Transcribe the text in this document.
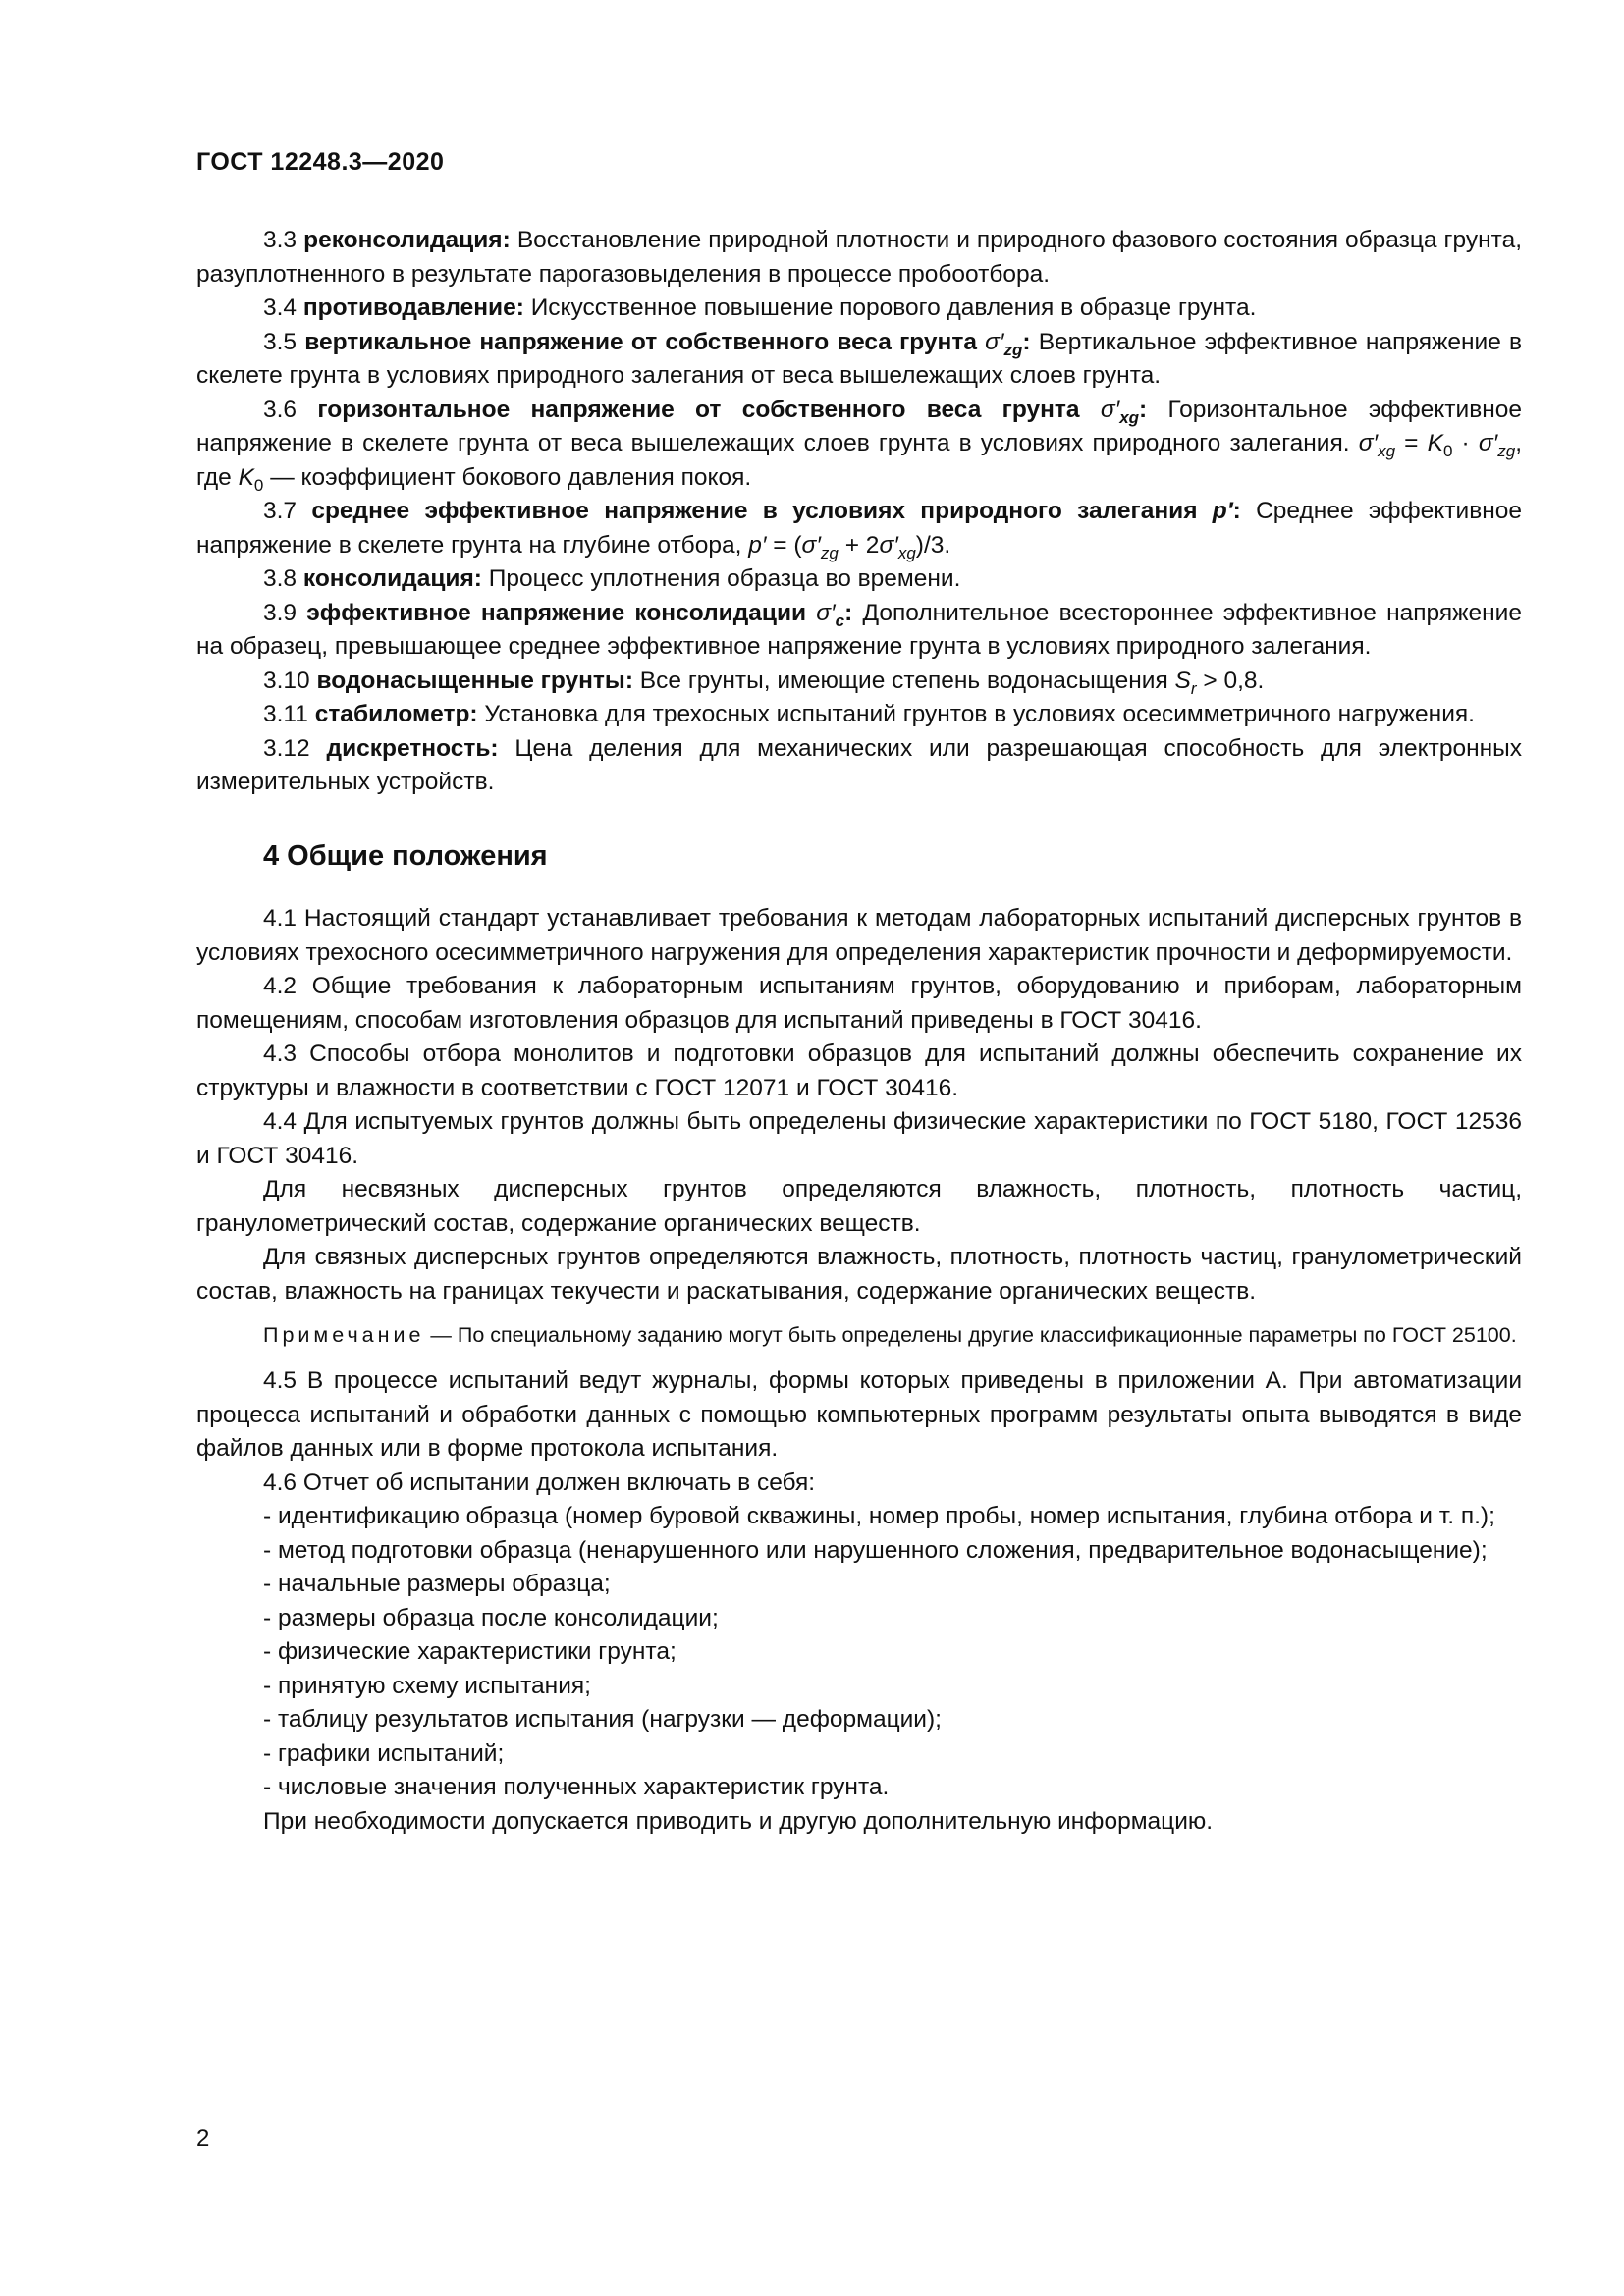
ГОСТ 12248.3—2020

3.3 реконсолидация: Восстановление природной плотности и природного фазового состояния образца грунта, разуплотненного в результате парогазовыделения в процессе пробоотбора.

3.4 противодавление: Искусственное повышение порового давления в образце грунта.

3.5 вертикальное напряжение от собственного веса грунта $\sigma'_{zg}$: Вертикальное эффективное напряжение в скелете грунта в условиях природного залегания от веса вышележащих слоев грунта.

3.6 горизонтальное напряжение от собственного веса грунта $\sigma'_{xg}$: Горизонтальное эффективное напряжение в скелете грунта от веса вышележащих слоев грунта в условиях природного залегания. $\sigma'_{xg} = K_0 \cdot \sigma'_{zg}$, где $K_0$ — коэффициент бокового давления покоя.

3.7 среднее эффективное напряжение в условиях природного залегания p′: Среднее эффективное напряжение в скелете грунта на глубине отбора, $p' = (\sigma'_{zg} + 2\sigma'_{xg})/3$.

3.8 консолидация: Процесс уплотнения образца во времени.

3.9 эффективное напряжение консолидации $\sigma'_c$: Дополнительное всестороннее эффективное напряжение на образец, превышающее среднее эффективное напряжение грунта в условиях природного залегания.

3.10 водонасыщенные грунты: Все грунты, имеющие степень водонасыщения $S_r > 0,8$.

3.11 стабилометр: Установка для трехосных испытаний грунтов в условиях осесимметричного нагружения.

3.12 дискретность: Цена деления для механических или разрешающая способность для электронных измерительных устройств.

4 Общие положения

4.1 Настоящий стандарт устанавливает требования к методам лабораторных испытаний дисперсных грунтов в условиях трехосного осесимметричного нагружения для определения характеристик прочности и деформируемости.

4.2 Общие требования к лабораторным испытаниям грунтов, оборудованию и приборам, лабораторным помещениям, способам изготовления образцов для испытаний приведены в ГОСТ 30416.

4.3 Способы отбора монолитов и подготовки образцов для испытаний должны обеспечить сохранение их структуры и влажности в соответствии с ГОСТ 12071 и ГОСТ 30416.

4.4 Для испытуемых грунтов должны быть определены физические характеристики по ГОСТ 5180, ГОСТ 12536 и ГОСТ 30416.

Для несвязных дисперсных грунтов определяются влажность, плотность, плотность частиц, гранулометрический состав, содержание органических веществ.

Для связных дисперсных грунтов определяются влажность, плотность, плотность частиц, гранулометрический состав, влажность на границах текучести и раскатывания, содержание органических веществ.

Примечание — По специальному заданию могут быть определены другие классификационные параметры по ГОСТ 25100.

4.5 В процессе испытаний ведут журналы, формы которых приведены в приложении А. При автоматизации процесса испытаний и обработки данных с помощью компьютерных программ результаты опыта выводятся в виде файлов данных или в форме протокола испытания.

4.6 Отчет об испытании должен включать в себя:

- идентификацию образца (номер буровой скважины, номер пробы, номер испытания, глубина отбора и т. п.);

- метод подготовки образца (ненарушенного или нарушенного сложения, предварительное водонасыщение);

- начальные размеры образца;

- размеры образца после консолидации;

- физические характеристики грунта;

- принятую схему испытания;

- таблицу результатов испытания (нагрузки — деформации);

- графики испытаний;

- числовые значения полученных характеристик грунта.

При необходимости допускается приводить и другую дополнительную информацию.

2
